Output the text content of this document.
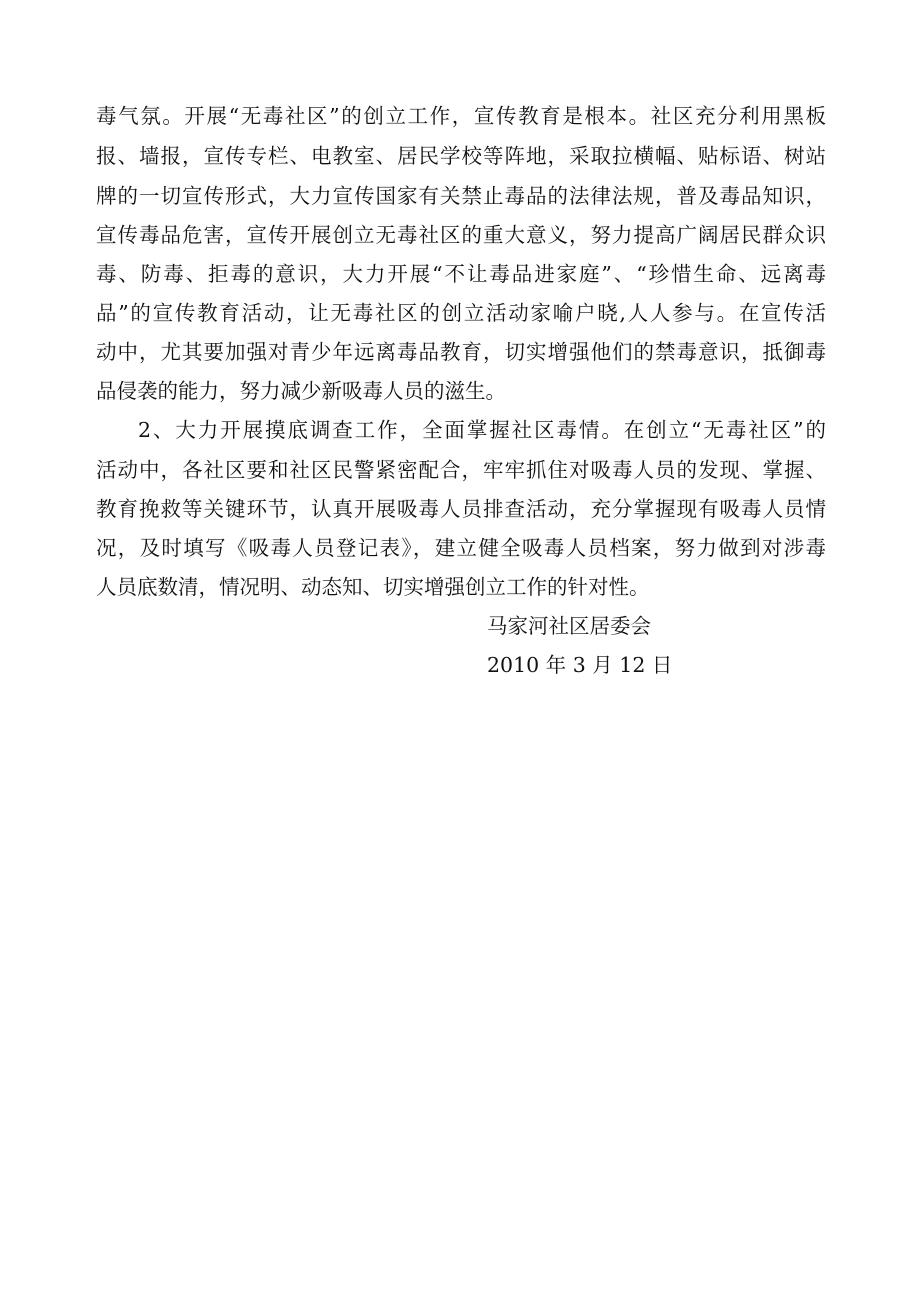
毒气氛。开展“无毒社区”的创立工作，宣传教育是根本。社区充分利用黑板
报、墙报，宣传专栏、电教室、居民学校等阵地，采取拉横幅、贴标语、树站
牌的一切宣传形式，大力宣传国家有关禁止毒品的法律法规，普及毒品知识，
宣传毒品危害，宣传开展创立无毒社区的重大意义，努力提高广阔居民群众识
毒、防毒、拒毒的意识，大力开展“不让毒品进家庭”、“珍惜生命、远离毒
品”的宣传教育活动，让无毒社区的创立活动家喻户晓,人人参与。在宣传活
动中，尤其要加强对青少年远离毒品教育，切实增强他们的禁毒意识，抵御毒
品侵袭的能力，努力减少新吸毒人员的滋生。
2、大力开展摸底调查工作，全面掌握社区毒情。在创立“无毒社区”的
活动中，各社区要和社区民警紧密配合，牢牢抓住对吸毒人员的发现、掌握、
教育挽救等关键环节，认真开展吸毒人员排查活动，充分掌握现有吸毒人员情
况，及时填写《吸毒人员登记表》，建立健全吸毒人员档案，努力做到对涉毒
人员底数清，情况明、动态知、切实增强创立工作的针对性。
马家河社区居委会
2010 年 3 月 12 日
